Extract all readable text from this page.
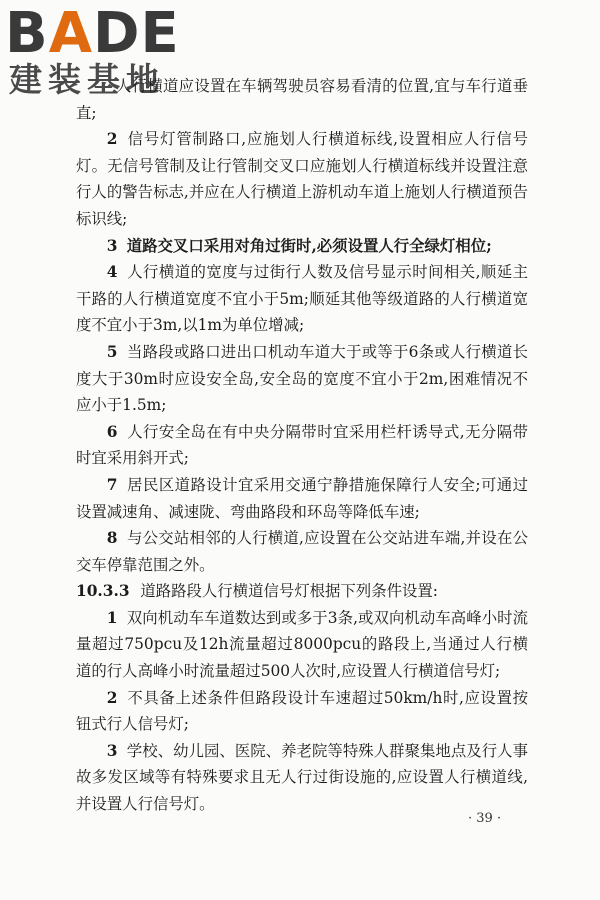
BADE
建装基地

人行横道应设置在车辆驾驶员容易看清的位置,宜与车行道垂直;

2 信号灯管制路口,应施划人行横道标线,设置相应人行信号灯。无信号管制及让行管制交叉口应施划人行横道标线并设置注意行人的警告标志,并应在人行横道上游机动车道上施划人行横道预告标识线;

3 道路交叉口采用对角过街时,必须设置人行全绿灯相位;

4 人行横道的宽度与过街行人数及信号显示时间相关,顺延主干路的人行横道宽度不宜小于5m;顺延其他等级道路的人行横道宽度不宜小于3m,以1m为单位增减;

5 当路段或路口进出口机动车道大于或等于6条或人行横道长度大于30m时应设安全岛,安全岛的宽度不宜小于2m,困难情况不应小于1.5m;

6 人行安全岛在有中央分隔带时宜采用栏杆诱导式,无分隔带时宜采用斜开式;

7 居民区道路设计宜采用交通宁静措施保障行人安全;可通过设置减速角、减速陇、弯曲路段和环岛等降低车速;

8 与公交站相邻的人行横道,应设置在公交站进车端,并设在公交车停靠范围之外。

10.3.3 道路路段人行横道信号灯根据下列条件设置:

1 双向机动车车道数达到或多于3条,或双向机动车高峰小时流量超过750pcu及12h流量超过8000pcu的路段上,当通过人行横道的行人高峰小时流量超过500人次时,应设置人行横道信号灯;

2 不具备上述条件但路段设计车速超过50km/h时,应设置按钮式行人信号灯;

3 学校、幼儿园、医院、养老院等特殊人群聚集地点及行人事故多发区域等有特殊要求且无人行过街设施的,应设置人行横道线,并设置人行信号灯。

· 39 ·
